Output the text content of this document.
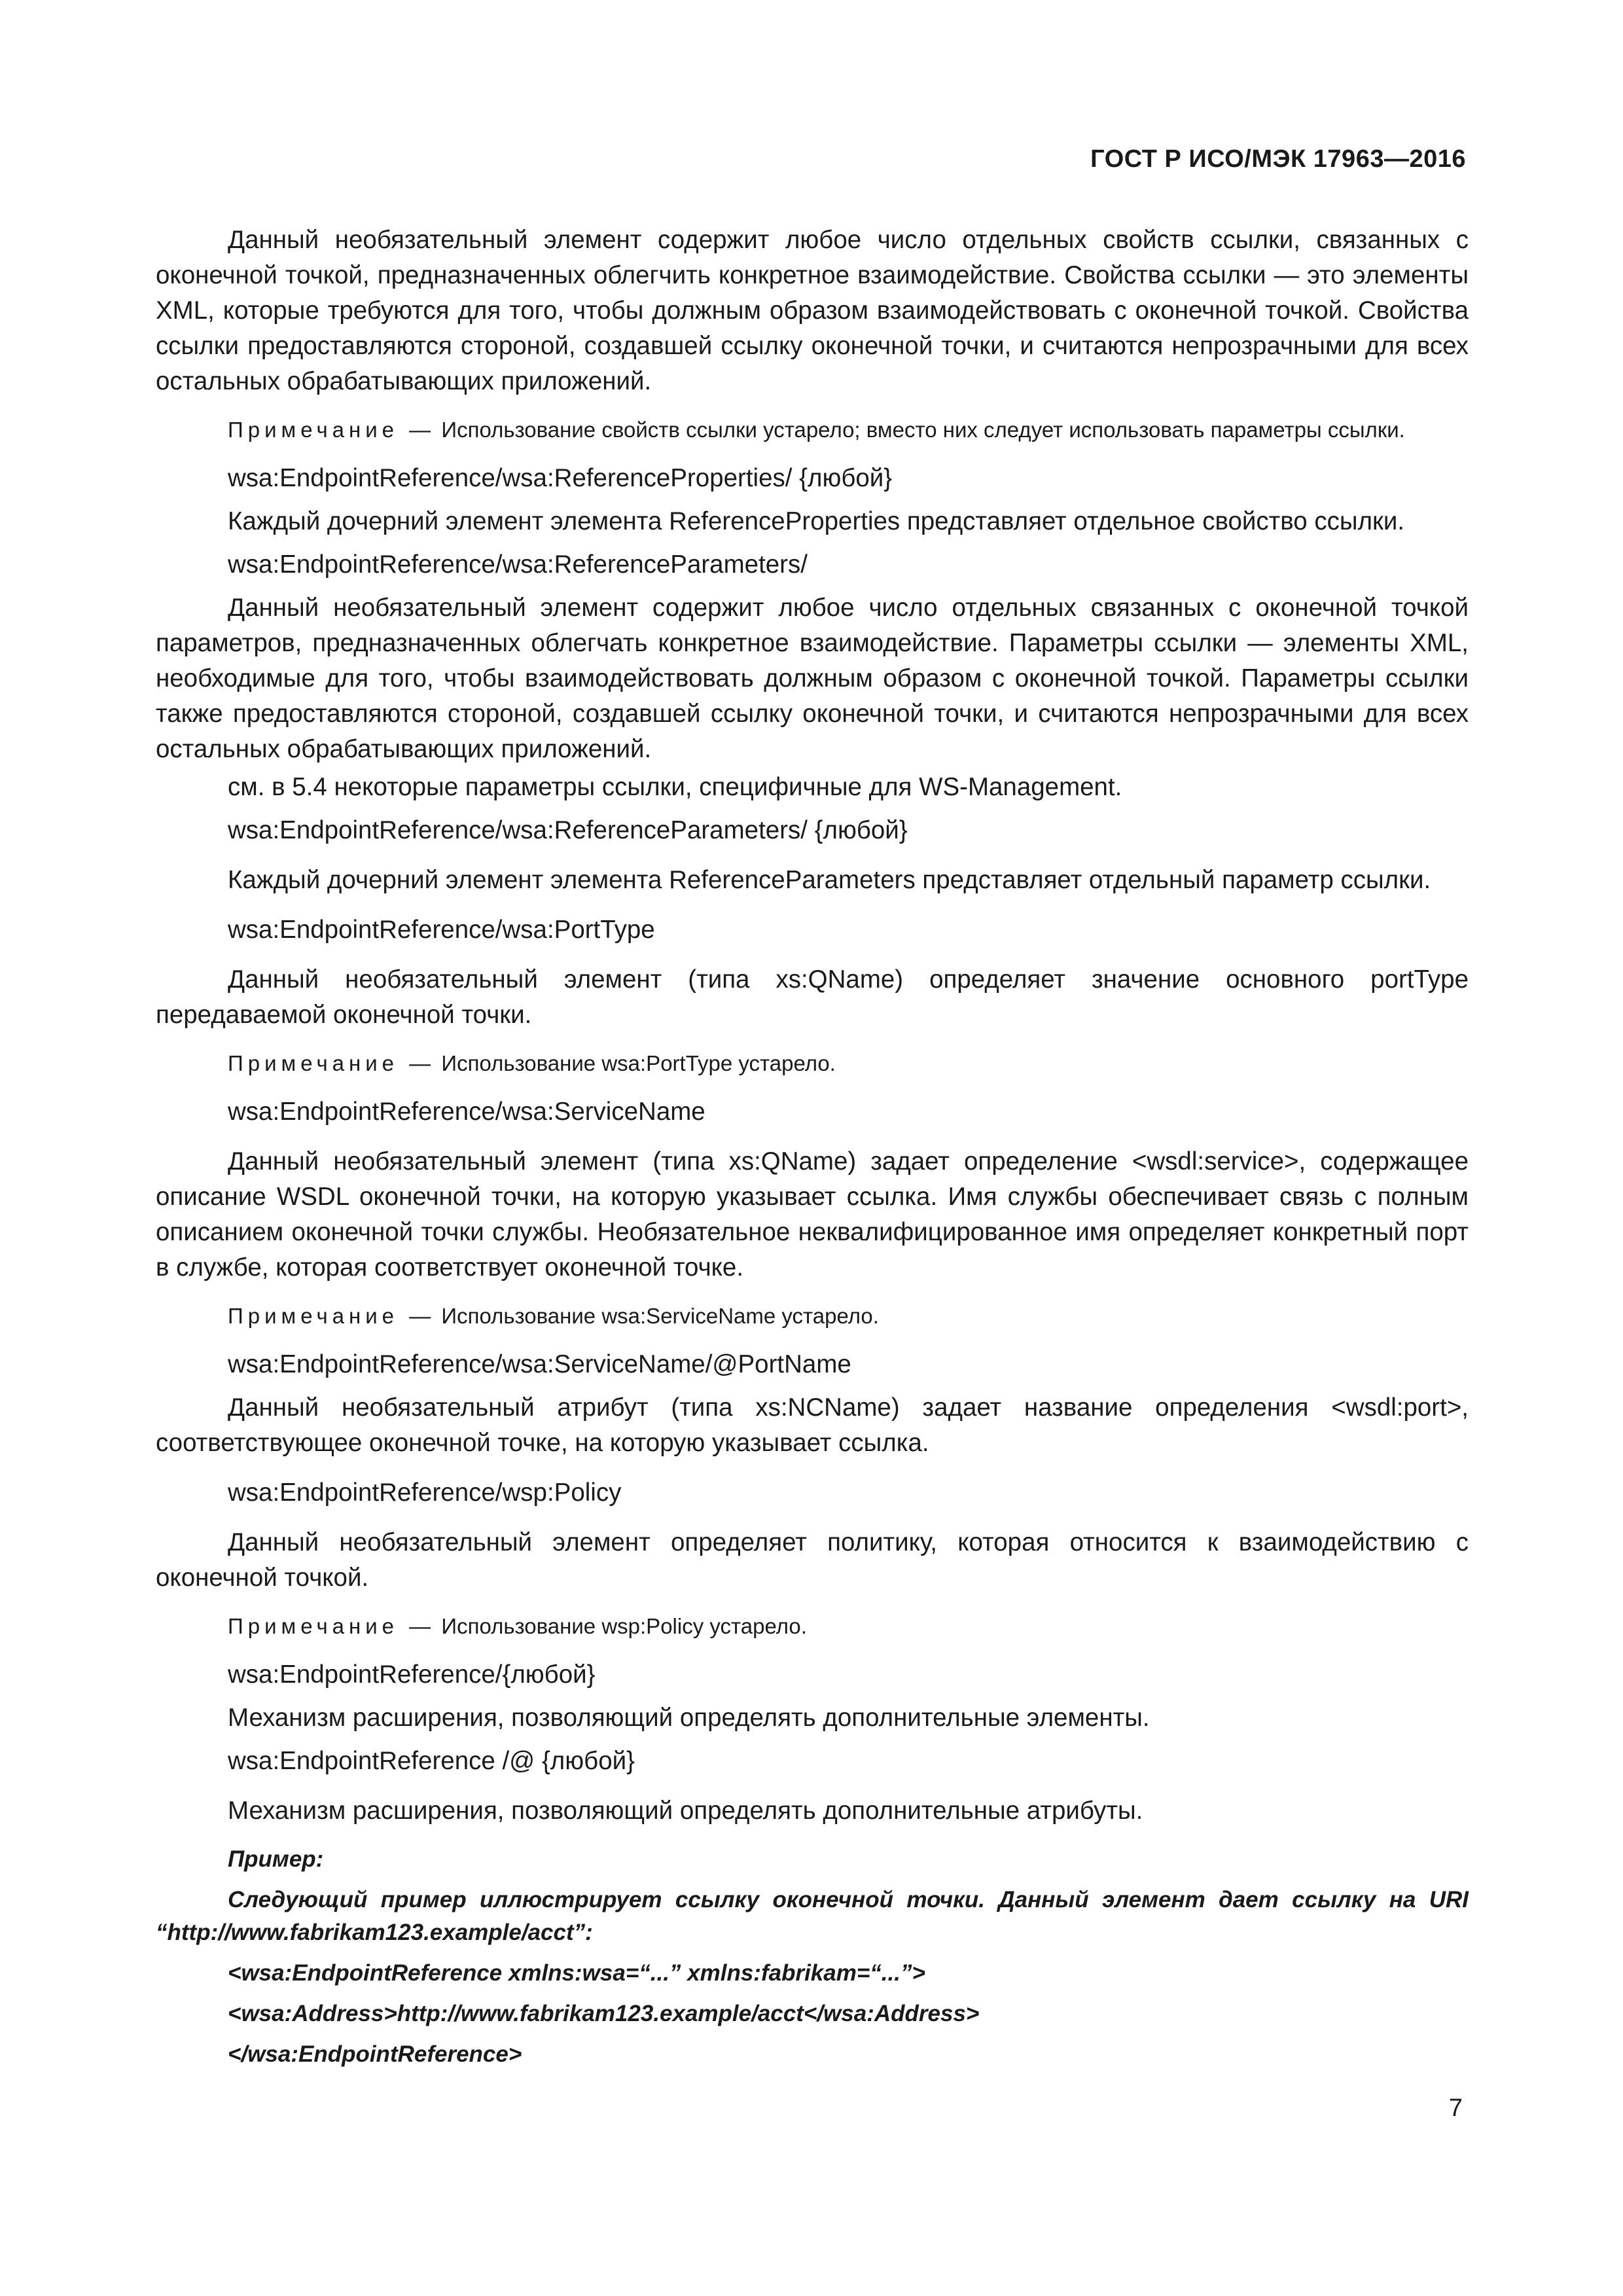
ГОСТ Р ИСО/МЭК 17963—2016

Данный необязательный элемент содержит любое число отдельных свойств ссылки, связанных с оконечной точкой, предназначенных облегчить конкретное взаимодействие. Свойства ссылки — это элементы XML, которые требуются для того, чтобы должным образом взаимодействовать с оконечной точкой. Свойства ссылки предоставляются стороной, создавшей ссылку оконечной точки, и считаются непрозрачными для всех остальных обрабатывающих приложений.

Примечание — Использование свойств ссылки устарело; вместо них следует использовать параметры ссылки.

wsa:EndpointReference/wsa:ReferenceProperties/ {любой}

Каждый дочерний элемент элемента ReferenceProperties представляет отдельное свойство ссылки.

wsa:EndpointReference/wsa:ReferenceParameters/

Данный необязательный элемент содержит любое число отдельных связанных с оконечной точкой параметров, предназначенных облегчать конкретное взаимодействие. Параметры ссылки — элементы XML, необходимые для того, чтобы взаимодействовать должным образом с оконечной точкой. Параметры ссылки также предоставляются стороной, создавшей ссылку оконечной точки, и считаются непрозрачными для всех остальных обрабатывающих приложений.

см. в 5.4 некоторые параметры ссылки, специфичные для WS-Management.

wsa:EndpointReference/wsa:ReferenceParameters/ {любой}

Каждый дочерний элемент элемента ReferenceParameters представляет отдельный параметр ссылки.

wsa:EndpointReference/wsa:PortType

Данный необязательный элемент (типа xs:QName) определяет значение основного portType передаваемой оконечной точки.

Примечание — Использование wsa:PortType устарело.

wsa:EndpointReference/wsa:ServiceName

Данный необязательный элемент (типа xs:QName) задает определение <wsdl:service>, содержащее описание WSDL оконечной точки, на которую указывает ссылка. Имя службы обеспечивает связь с полным описанием оконечной точки службы. Необязательное неквалифицированное имя определяет конкретный порт в службе, которая соответствует оконечной точке.

Примечание — Использование wsa:ServiceName устарело.

wsa:EndpointReference/wsa:ServiceName/@PortName

Данный необязательный атрибут (типа xs:NCName) задает название определения <wsdl:port>, соответствующее оконечной точке, на которую указывает ссылка.

wsa:EndpointReference/wsp:Policy

Данный необязательный элемент определяет политику, которая относится к взаимодействию с оконечной точкой.

Примечание — Использование wsp:Policy устарело.

wsa:EndpointReference/{любой}

Механизм расширения, позволяющий определять дополнительные элементы.

wsa:EndpointReference /@ {любой}

Механизм расширения, позволяющий определять дополнительные атрибуты.

Пример:

Следующий пример иллюстрирует ссылку оконечной точки. Данный элемент дает ссылку на URI “http://www.fabrikam123.example/acct”:

<wsa:EndpointReference xmlns:wsa=“...” xmlns:fabrikam=“...”>

<wsa:Address>http://www.fabrikam123.example/acct</wsa:Address>

</wsa:EndpointReference>

7
